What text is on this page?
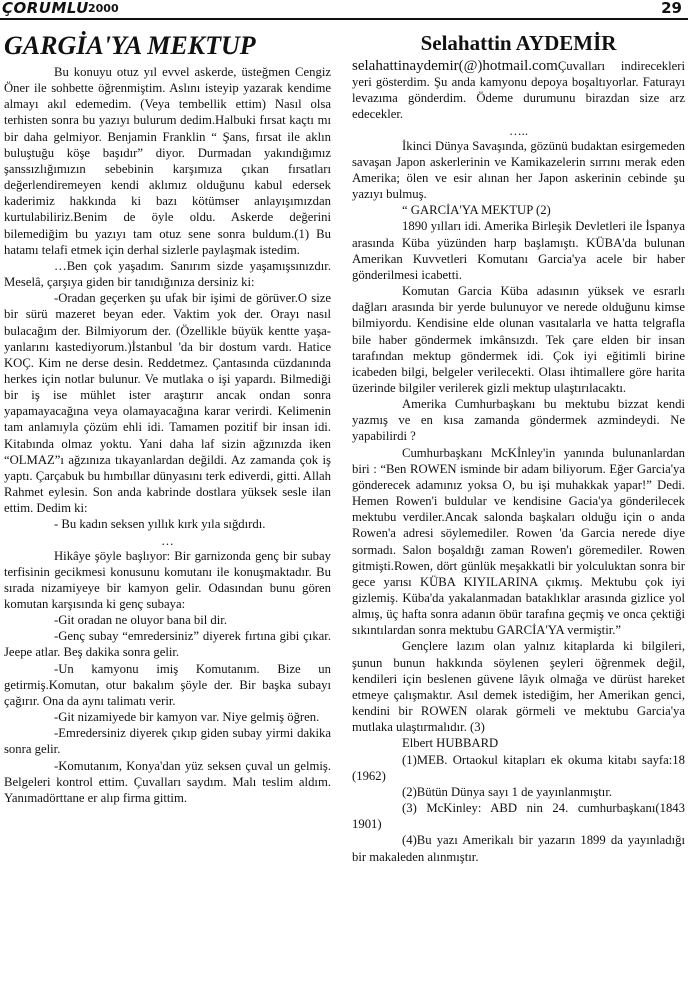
ÇORUMLU 2000	29
GARGİA'YA MEKTUP

Bu konuyu otuz yıl evvel askerde, üsteğmen Cengiz Öner ile sohbette öğrenmiştim. Aslını isteyip yazarak kendime almayı akıl edemedim. (Veya tembellik ettim) Nasıl olsa terhisten sonra bu yazıyı bulurum dedim.Halbuki fırsat kaçtı mı bir daha gelmiyor. Benjamin Franklin “ Şans, fırsat ile aklın buluştuğu köşe başıdır” diyor. Durmadan yakındığımız şanssızlığımızın sebebinin karşımıza çıkan fırsatları değerlendiremeyen kendi aklımız olduğunu kabul edersek kaderimiz hakkında ki bazı kötümser anlayışımızdan kurtulabiliriz.Benim de öyle oldu. Askerde değerini bilemediğim bu yazıyı tam otuz sene sonra buldum.(1) Bu hatamı telafi etmek için derhal sizlerle paylaşmak istedim.

…Ben çok yaşadım. Sanırım sizde yaşamışsınızdır. Meselâ, çarşıya giden bir tanıdığınıza dersiniz ki:

-Oradan geçerken şu ufak bir işimi de görüver.O size bir sürü mazeret beyan eder. Vaktim yok der. Orayı nasıl bulacağım der. Bilmiyorum der. (Özellikle büyük kentte yaşa-yanlarını kastediyorum.)İstanbul 'da bir dostum vardı. Hatice KOÇ. Kim ne derse desin. Reddetmez. Çantasında cüzdanında herkes için notlar bulunur. Ve mutlaka o işi yapardı. Bilmediği bir iş ise mühlet ister araştırır ancak ondan sonra yapamayacağına veya olamayacağına karar verirdi. Kelimenin tam anlamıyla çözüm ehli idi. Tamamen pozitif bir insan idi. Kitabında olmaz yoktu. Yani daha laf sizin ağzınızda iken “OLMAZ”ı ağzınıza tıkayanlardan değildi. Az zamanda çok iş yaptı. Çarçabuk bu hımbıllar dünyasını terk ediverdi, gitti. Allah Rahmet eylesin. Son anda kabrinde dostlara yüksek sesle ilan ettim. Dedim ki:

- Bu kadın seksen yıllık kırk yıla sığdırdı.

…

Hikâye şöyle başlıyor: Bir garnizonda genç bir subay terfisinin gecikmesi konusunu komutanı ile konuşmaktadır. Bu sırada nizamiyeye bir kamyon gelir. Odasından bunu gören komutan karşısında ki genç subaya:

-Git oradan ne oluyor bana bil dir.

-Genç subay “emredersiniz” diyerek fırtına gibi çıkar. Jeepe atlar. Beş dakika sonra gelir.

-Un kamyonu imiş Komutanım. Bize un getirmiş.Komutan, otur bakalım şöyle der. Bir başka subayı çağırır. Ona da aynı talimatı verir.

-Git nizamiyede bir kamyon var. Niye gelmiş öğren.

-Emredersiniz diyerek çıkıp giden subay yirmi dakika sonra gelir.

-Komutanım, Konya'dan yüz seksen çuval un gelmiş. Belgeleri kontrol ettim. Çuvalları saydım. Malı teslim aldım. Yanımadörttane er alıp firma gittim.

Selahattin AYDEMİR

selahattinaydemir(@)hotmail.comÇuvalları indirecekleri yeri gösterdim. Şu anda kamyonu depoya boşaltıyorlar. Faturayı levazıma gönderdim. Ödeme durumunu birazdan size arz edecekler.

…..

İkinci Dünya Savaşında, gözünü budaktan esirgemeden savaşan Japon askerlerinin ve Kamikazelerin sırrını merak eden Amerika; ölen ve esir alınan her Japon askerinin cebinde şu yazıyı bulmuş.

“ GARCİA'YA MEKTUP (2)

1890 yılları idi. Amerika Birleşik Devletleri ile İspanya arasında Küba yüzünden harp başlamıştı. KÜBA'da bulunan Amerikan Kuvvetleri Komutanı Garcia'ya acele bir haber gönderilmesi icabetti.

Komutan Garcia Küba adasının yüksek ve esrarlı dağları arasında bir yerde bulunuyor ve nerede olduğunu kimse bilmiyordu. Kendisine elde olunan vasıtalarla ve hatta telgrafla bile haber göndermek imkânsızdı. Tek çare elden bir insan tarafından mektup göndermek idi. Çok iyi eğitimli birine icabeden bilgi, belgeler verilecekti. Olası ihtimallere göre harita üzerinde bilgiler verilerek gizli mektup ulaştırılacaktı.

Amerika Cumhurbaşkanı bu mektubu bizzat kendi yazmış ve en kısa zamanda göndermek azmindeydi. Ne yapabilirdi ?

Cumhurbaşkanı McKİnley'in yanında bulunanlardan biri : “Ben ROWEN isminde bir adam biliyorum. Eğer Garcia'ya gönderecek adamınız yoksa O, bu işi muhakkak yapar!” Dedi. Hemen Rowen'i buldular ve kendisine Gacia'ya gönderilecek mektubu verdiler.Ancak salonda başkaları olduğu için o anda Rowen'a adresi söylemediler. Rowen 'da Garcia nerede diye sormadı. Salon boşaldığı zaman Rowen'ı göremediler. Rowen gitmişti.Rowen, dört günlük meşakkatli bir yolculuktan sonra bir gece yarısı KÜBA KIYILARINA çıkmış. Mektubu çok iyi gizlemiş. Küba'da yakalanmadan bataklıklar arasında gizlice yol almış, üç hafta sonra adanın öbür tarafına geçmiş ve onca çektiği sıkıntılardan sonra mektubu GARCİA'YA vermiştir.”

Gençlere lazım olan yalnız kitaplarda ki bilgileri, şunun bunun hakkında söylenen şeyleri öğrenmek değil, kendileri için beslenen güvene lâyık olmağa ve dürüst hareket etmeye çalışmaktır. Asıl demek istediğim, her Amerikan genci, kendini bir ROWEN olarak görmeli ve mektubu Garcia'ya mutlaka ulaştırmalıdır. (3)

Elbert HUBBARD

(1)MEB. Ortaokul kitapları ek okuma kitabı sayfa:18 (1962)

(2)Bütün Dünya sayı 1 de yayınlanmıştır.

(3) McKinley: ABD nin 24. cumhurbaşkanı(1843 1901)

(4)Bu yazı Amerikalı bir yazarın 1899 da yayınladığı bir makaleden alınmıştır.
